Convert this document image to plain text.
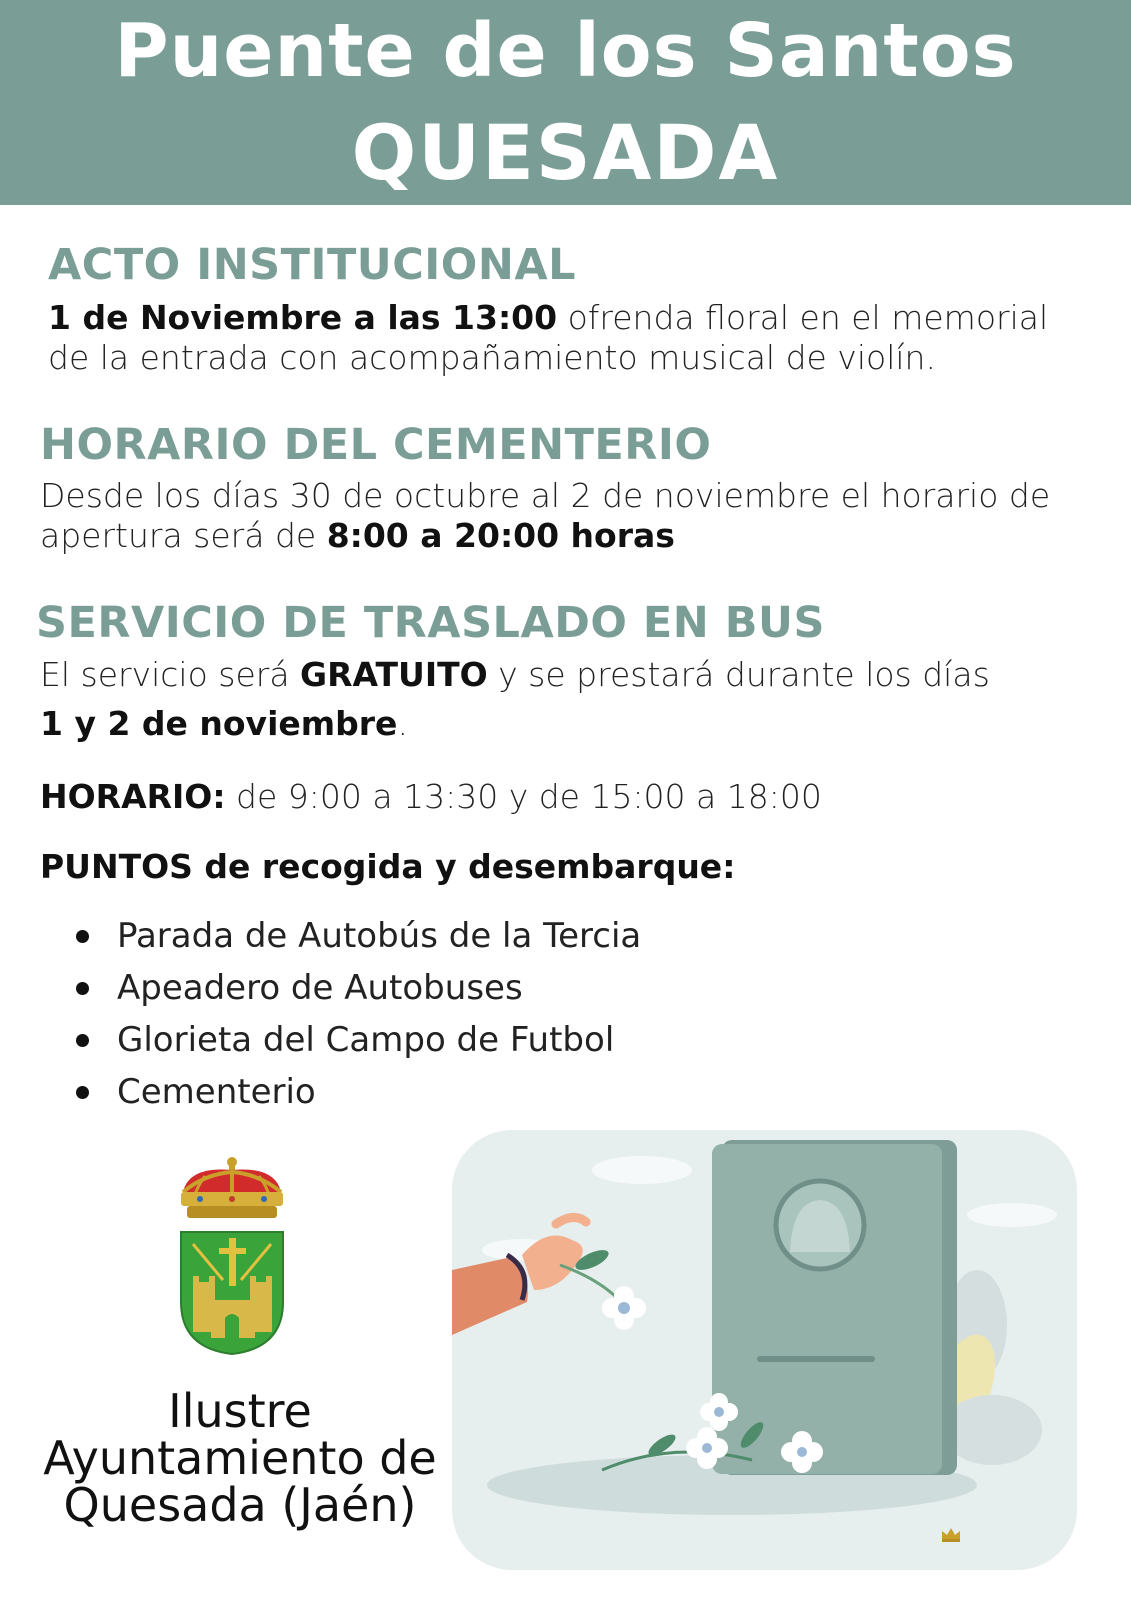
Puente de los Santos
QUESADA
ACTO INSTITUCIONAL
1 de Noviembre a las 13:00 ofrenda floral en el memorial
de la entrada con acompañamiento musical de violín.
HORARIO DEL CEMENTERIO
Desde los días 30 de octubre al 2 de noviembre el horario de
apertura será de 8:00 a 20:00 horas
SERVICIO DE TRASLADO EN BUS
El servicio será GRATUITO y se prestará durante los días
1 y 2 de noviembre.
HORARIO: de 9:00 a 13:30 y de 15:00 a 18:00
PUNTOS de recogida y desembarque:
Parada de Autobús de la Tercia
Apeadero de Autobuses
Glorieta del Campo de Futbol
Cementerio
Ilustre
Ayuntamiento de
Quesada (Jaén)
